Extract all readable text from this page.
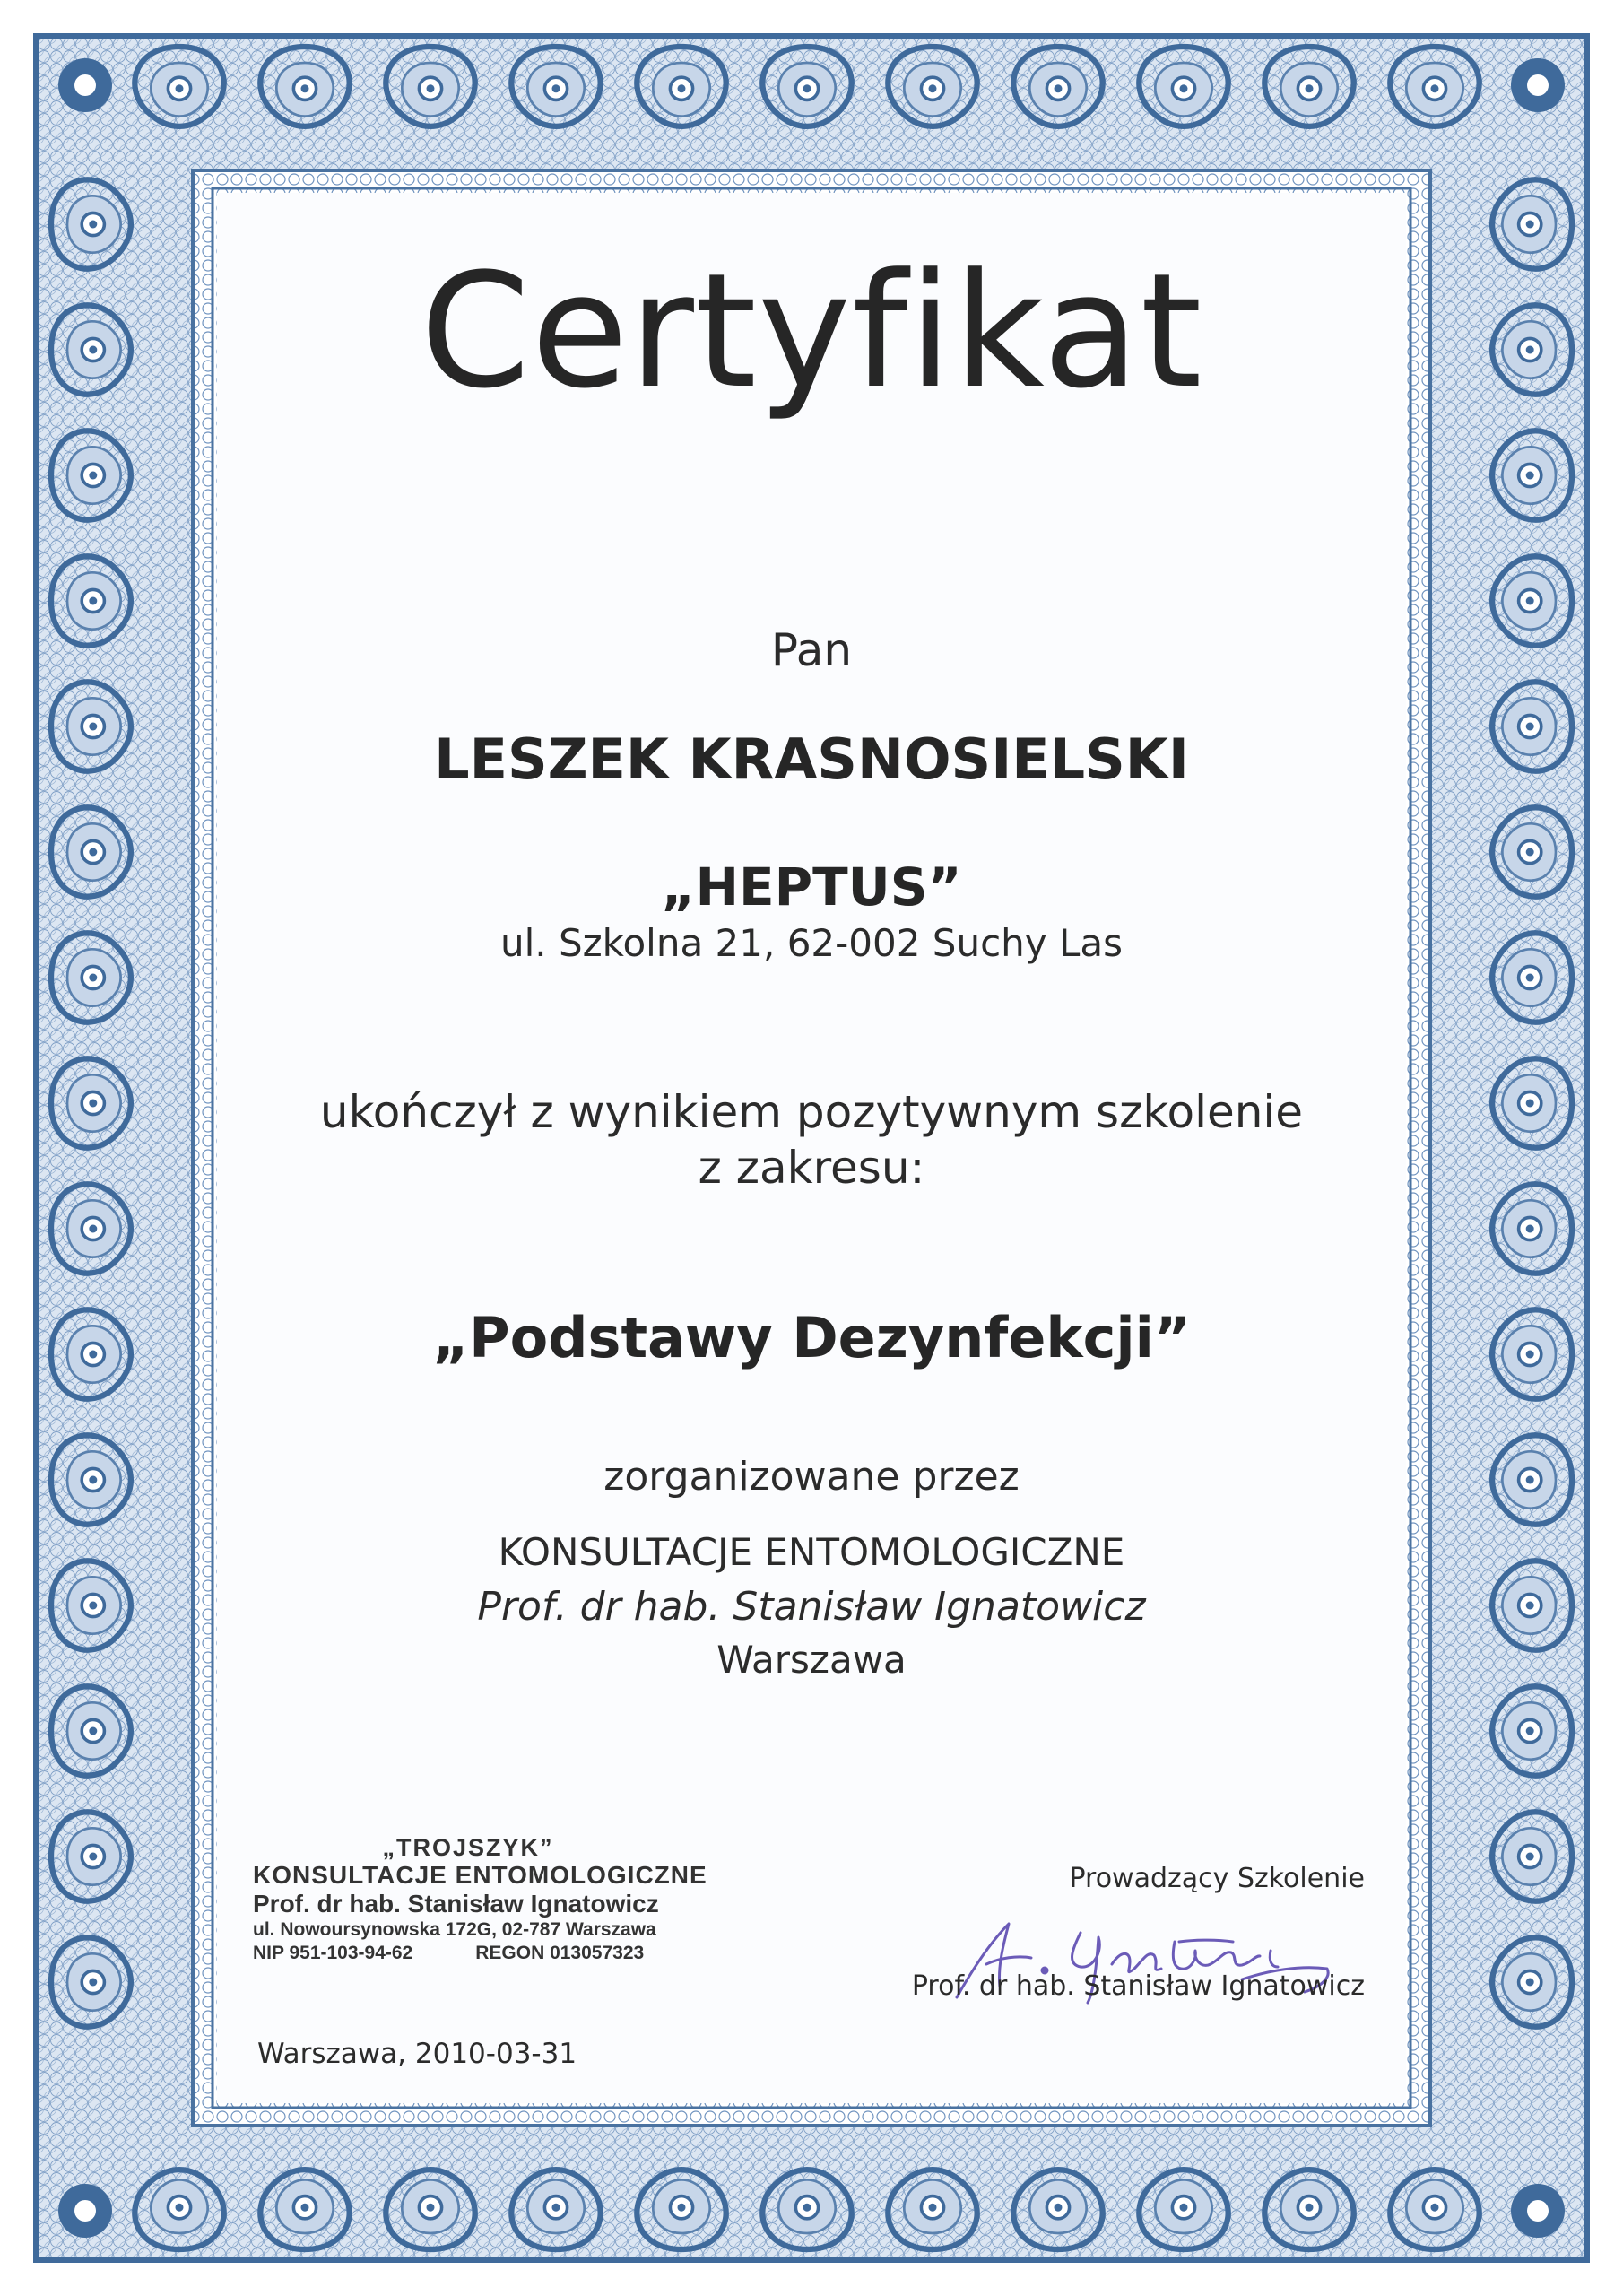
Certyfikat
Pan
LESZEK KRASNOSIELSKI
„HEPTUS”
ul. Szkolna 21, 62-002 Suchy Las
ukończył z wynikiem pozytywnym szkolenie
z zakresu:
„Podstawy Dezynfekcji”
zorganizowane przez
KONSULTACJE ENTOMOLOGICZNE
Prof. dr hab. Stanisław Ignatowicz
Warszawa
„TROJSZYK”
KONSULTACJE ENTOMOLOGICZNE
Prof. dr hab. Stanisław Ignatowicz
ul. Nowoursynowska 172G, 02-787 Warszawa
NIP 951-103-94-62	REGON 013057323
Prowadzący Szkolenie
Prof. dr hab. Stanisław Ignatowicz
Warszawa, 2010-03-31
